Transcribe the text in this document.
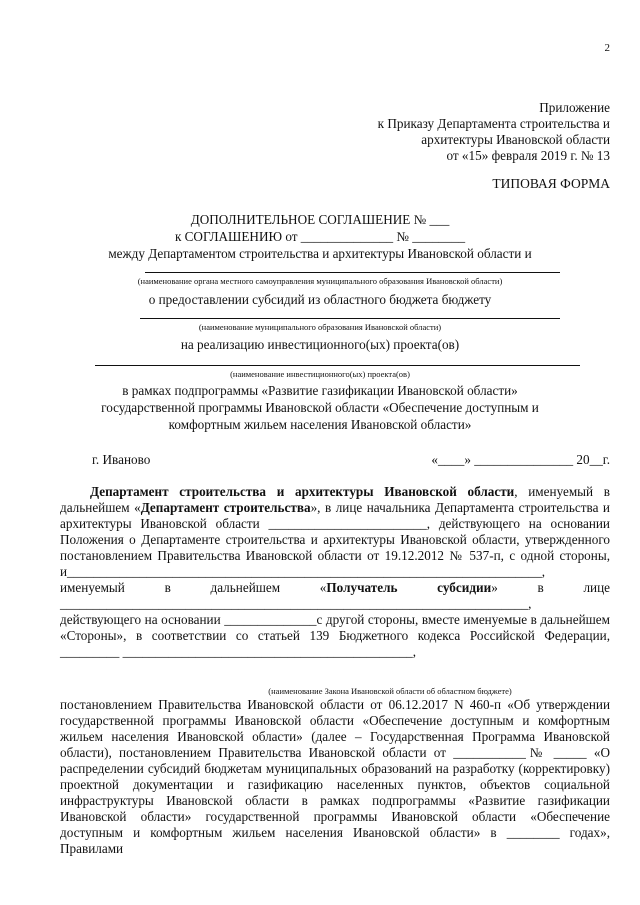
2
Приложение
к Приказу Департамента строительства и
архитектуры Ивановской области
от «15» февраля 2019 г. № 13
ТИПОВАЯ ФОРМА
ДОПОЛНИТЕЛЬНОЕ СОГЛАШЕНИЕ № ___
к СОГЛАШЕНИЮ от ______________ № ________
между Департаментом строительства и архитектуры Ивановской области и
(наименование органа местного самоуправления муниципального образования Ивановской области)
о предоставлении субсидий из областного бюджета бюджету
(наименование муниципального образования Ивановской области)
на реализацию инвестиционного(ых) проекта(ов)
(наименование инвестиционного(ых) проекта(ов)
в рамках подпрограммы «Развитие газификации Ивановской области»
государственной программы Ивановской области «Обеспечение доступным и
комфортным жильем населения Ивановской области»
г. Иваново	«____» _______________ 20__г.

Департамент строительства и архитектуры Ивановской области, именуемый в дальнейшем «Департамент строительства», в лице начальника Департамента строительства и архитектуры Ивановской области ________________________, действующего на основании Положения о Департаменте строительства и архитектуры Ивановской области, утвержденного постановлением Правительства Ивановской области от 19.12.2012 № 537-п, с одной стороны, и________________________________________________________________________, именуемый в дальнейшем «Получатель субсидии» в лице _______________________________________________________________________, действующего на основании ______________с другой стороны, вместе именуемые в дальнейшем «Стороны», в соответствии со статьей 139 Бюджетного кодекса Российской Федерации, _________ ____________________________________________,

(наименование Закона Ивановской области об областном бюджете)

постановлением Правительства Ивановской области от 06.12.2017 N 460-п «Об утверждении государственной программы Ивановской области «Обеспечение доступным и комфортным жильем населения Ивановской области» (далее – Государственная Программа Ивановской области), постановлением Правительства Ивановской области от ___________№ _____ «О распределении субсидий бюджетам муниципальных образований на разработку (корректировку) проектной документации и газификацию населенных пунктов, объектов социальной инфраструктуры Ивановской области в рамках подпрограммы «Развитие газификации Ивановской области» государственной программы Ивановской области «Обеспечение доступным и комфортным жильем населения Ивановской области» в ________ годах», Правилами
